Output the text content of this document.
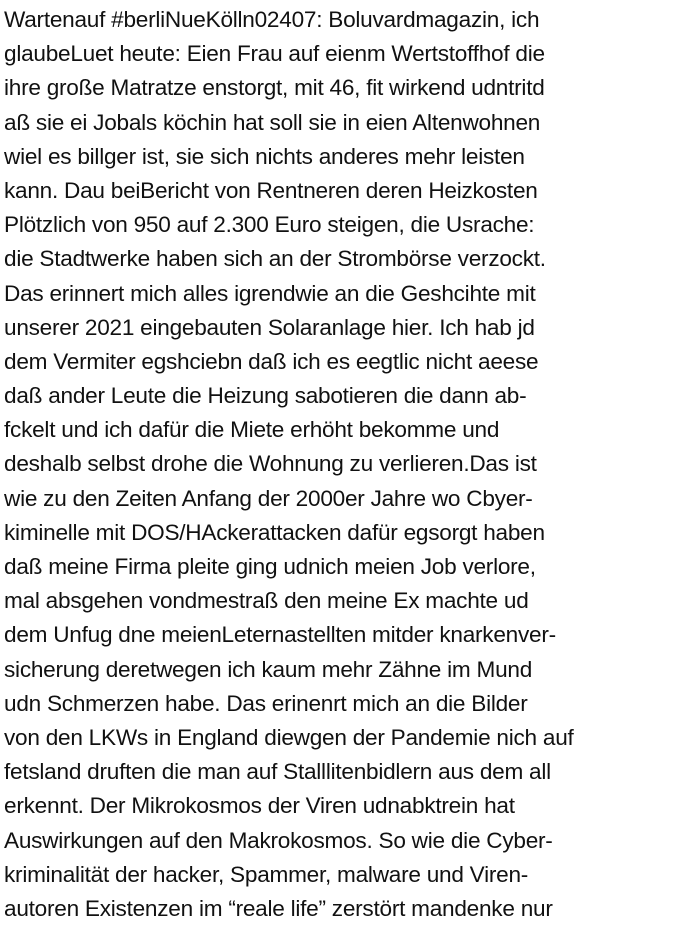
Wartenauf #berliNueKölln02407: Boluvardmagazin, ich
glaubeLuet heute: Eien Frau auf eienm Wertstoffhof die
ihre große Matratze enstorgt, mit 46, fit wirkend udntritd
aß sie ei Jobals köchin hat soll sie in eien Altenwohnen
wiel es billger ist, sie sich nichts anderes mehr leisten
kann. Dau beiBericht von Rentneren deren Heizkosten
Plötzlich von 950 auf 2.300 Euro steigen, die Usrache:
die Stadtwerke haben sich an der Strombörse verzockt.
Das erinnert mich alles igrendwie an die Geshcihte mit
unserer 2021 eingebauten Solaranlage hier. Ich hab jd
dem Vermiter egshciebn daß ich es eegtlic nicht aeese
daß ander Leute die Heizung sabotieren die dann ab-
fckelt und ich dafür die Miete erhöht bekomme und
deshalb selbst drohe die Wohnung zu verlieren.Das ist
wie zu den Zeiten Anfang der 2000er Jahre wo Cbyer-
kiminelle mit DOS/HAckerattacken dafür egsorgt haben
daß meine Firma pleite ging udnich meien Job verlore,
mal absgehen vondmestraß den meine Ex machte ud
dem Unfug dne meienLeternastellten mitder knarkenver-
sicherung deretwegen ich kaum mehr Zähne im Mund
udn Schmerzen habe. Das erinenrt mich an die Bilder
von den LKWs in England diewgen der Pandemie nich auf
fetsland druften die man auf Stalllitenbidlern aus dem all
erkennt. Der Mikrokosmos der Viren udnabktrein hat
Auswirkungen auf den Makrokosmos. So wie die Cyber-
kriminalität der hacker, Spammer, malware und Viren-
autoren Existenzen im “reale life” zerstört mandenke nur
